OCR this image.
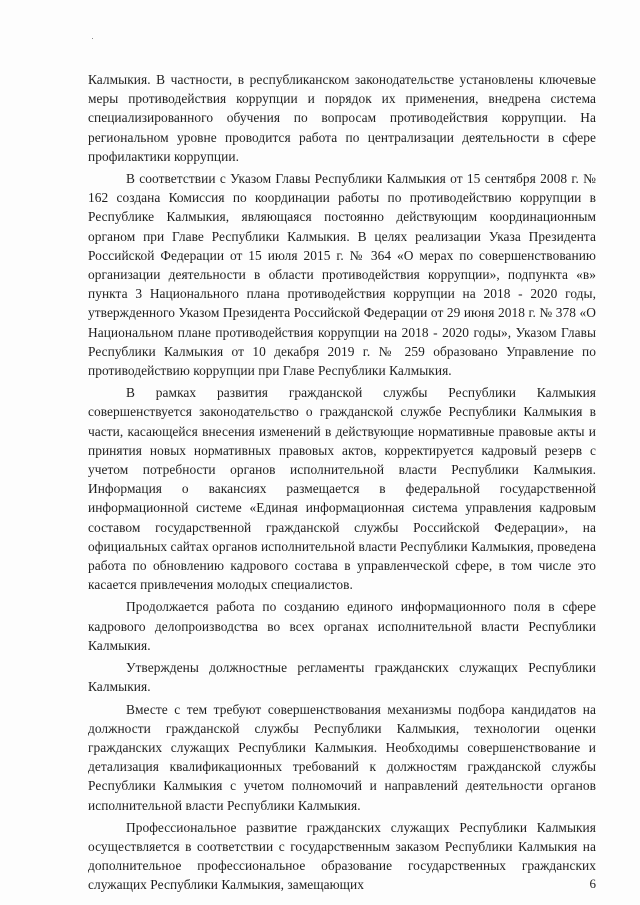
Калмыкия. В частности, в республиканском законодательстве установлены ключевые меры противодействия коррупции и порядок их применения, внедрена система специализированного обучения по вопросам противодействия коррупции. На региональном уровне проводится работа по централизации деятельности в сфере профилактики коррупции.

В соответствии с Указом Главы Республики Калмыкия от 15 сентября 2008 г. № 162 создана Комиссия по координации работы по противодействию коррупции в Республике Калмыкия, являющаяся постоянно действующим координационным органом при Главе Республики Калмыкия. В целях реализации Указа Президента Российской Федерации от 15 июля 2015 г. № 364 «О мерах по совершенствованию организации деятельности в области противодействия коррупции», подпункта «в» пункта 3 Национального плана противодействия коррупции на 2018 - 2020 годы, утвержденного Указом Президента Российской Федерации от 29 июня 2018 г. № 378 «О Национальном плане противодействия коррупции на 2018 - 2020 годы», Указом Главы Республики Калмыкия от 10 декабря 2019 г. № 259 образовано Управление по противодействию коррупции при Главе Республики Калмыкия.

В рамках развития гражданской службы Республики Калмыкия совершенствуется законодательство о гражданской службе Республики Калмыкия в части, касающейся внесения изменений в действующие нормативные правовые акты и принятия новых нормативных правовых актов, корректируется кадровый резерв с учетом потребности органов исполнительной власти Республики Калмыкия. Информация о вакансиях размещается в федеральной государственной информационной системе «Единая информационная система управления кадровым составом государственной гражданской службы Российской Федерации», на официальных сайтах органов исполнительной власти Республики Калмыкия, проведена работа по обновлению кадрового состава в управленческой сфере, в том числе это касается привлечения молодых специалистов.

Продолжается работа по созданию единого информационного поля в сфере кадрового делопроизводства во всех органах исполнительной власти Республики Калмыкия.

Утверждены должностные регламенты гражданских служащих Республики Калмыкия.

Вместе с тем требуют совершенствования механизмы подбора кандидатов на должности гражданской службы Республики Калмыкия, технологии оценки гражданских служащих Республики Калмыкия. Необходимы совершенствование и детализация квалификационных требований к должностям гражданской службы Республики Калмыкия с учетом полномочий и направлений деятельности органов исполнительной власти Республики Калмыкия.

Профессиональное развитие гражданских служащих Республики Калмыкия осуществляется в соответствии с государственным заказом Республики Калмыкия на дополнительное профессиональное образование государственных гражданских служащих Республики Калмыкия, замещающих	6
